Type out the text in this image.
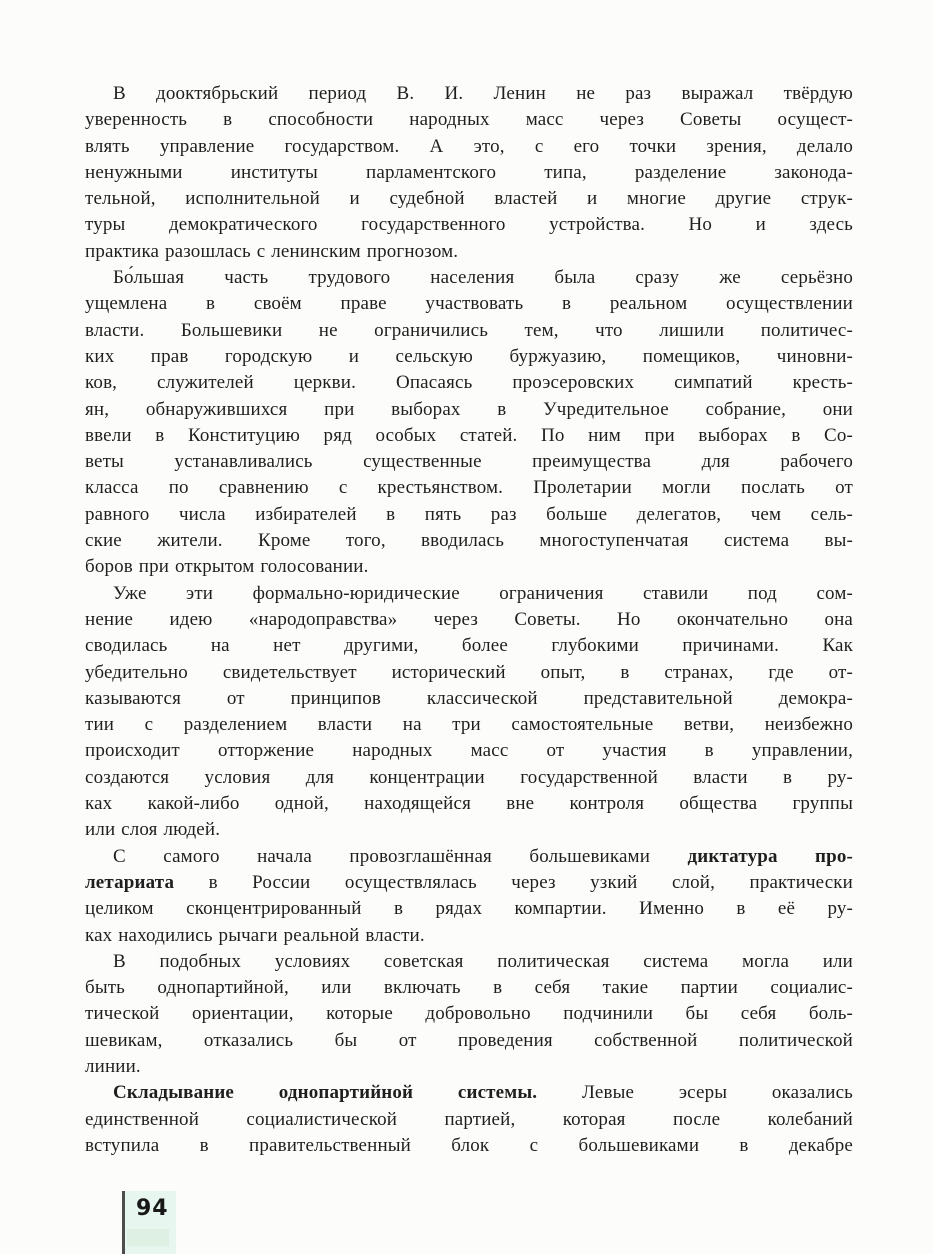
В дооктябрьский период В. И. Ленин не раз выражал твёрдую
уверенность в способности народных масс через Советы осущест-
влять управление государством. А это, с его точки зрения, делало
ненужными институты парламентского типа, разделение законода-
тельной, исполнительной и судебной властей и многие другие струк-
туры демократического государственного устройства. Но и здесь
практика разошлась с ленинским прогнозом.
Бо́льшая часть трудового населения была сразу же серьёзно
ущемлена в своём праве участвовать в реальном осуществлении
власти. Большевики не ограничились тем, что лишили политичес-
ких прав городскую и сельскую буржуазию, помещиков, чиновни-
ков, служителей церкви. Опасаясь проэсеровских симпатий кресть-
ян, обнаружившихся при выборах в Учредительное собрание, они
ввели в Конституцию ряд особых статей. По ним при выборах в Со-
веты устанавливались существенные преимущества для рабочего
класса по сравнению с крестьянством. Пролетарии могли послать от
равного числа избирателей в пять раз больше делегатов, чем сель-
ские жители. Кроме того, вводилась многоступенчатая система вы-
боров при открытом голосовании.
Уже эти формально-юридические ограничения ставили под сом-
нение идею «народоправства» через Советы. Но окончательно она
сводилась на нет другими, более глубокими причинами. Как
убедительно свидетельствует исторический опыт, в странах, где от-
казываются от принципов классической представительной демокра-
тии с разделением власти на три самостоятельные ветви, неизбежно
происходит отторжение народных масс от участия в управлении,
создаются условия для концентрации государственной власти в ру-
ках какой-либо одной, находящейся вне контроля общества группы
или слоя людей.
С самого начала провозглашённая большевиками диктатура про-
летариата в России осуществлялась через узкий слой, практически
целиком сконцентрированный в рядах компартии. Именно в её ру-
ках находились рычаги реальной власти.
В подобных условиях советская политическая система могла или
быть однопартийной, или включать в себя такие партии социалис-
тической ориентации, которые добровольно подчинили бы себя боль-
шевикам, отказались бы от проведения собственной политической
линии.
Складывание однопартийной системы. Левые эсеры оказались
единственной социалистической партией, которая после колебаний
вступила в правительственный блок с большевиками в декабре
94
